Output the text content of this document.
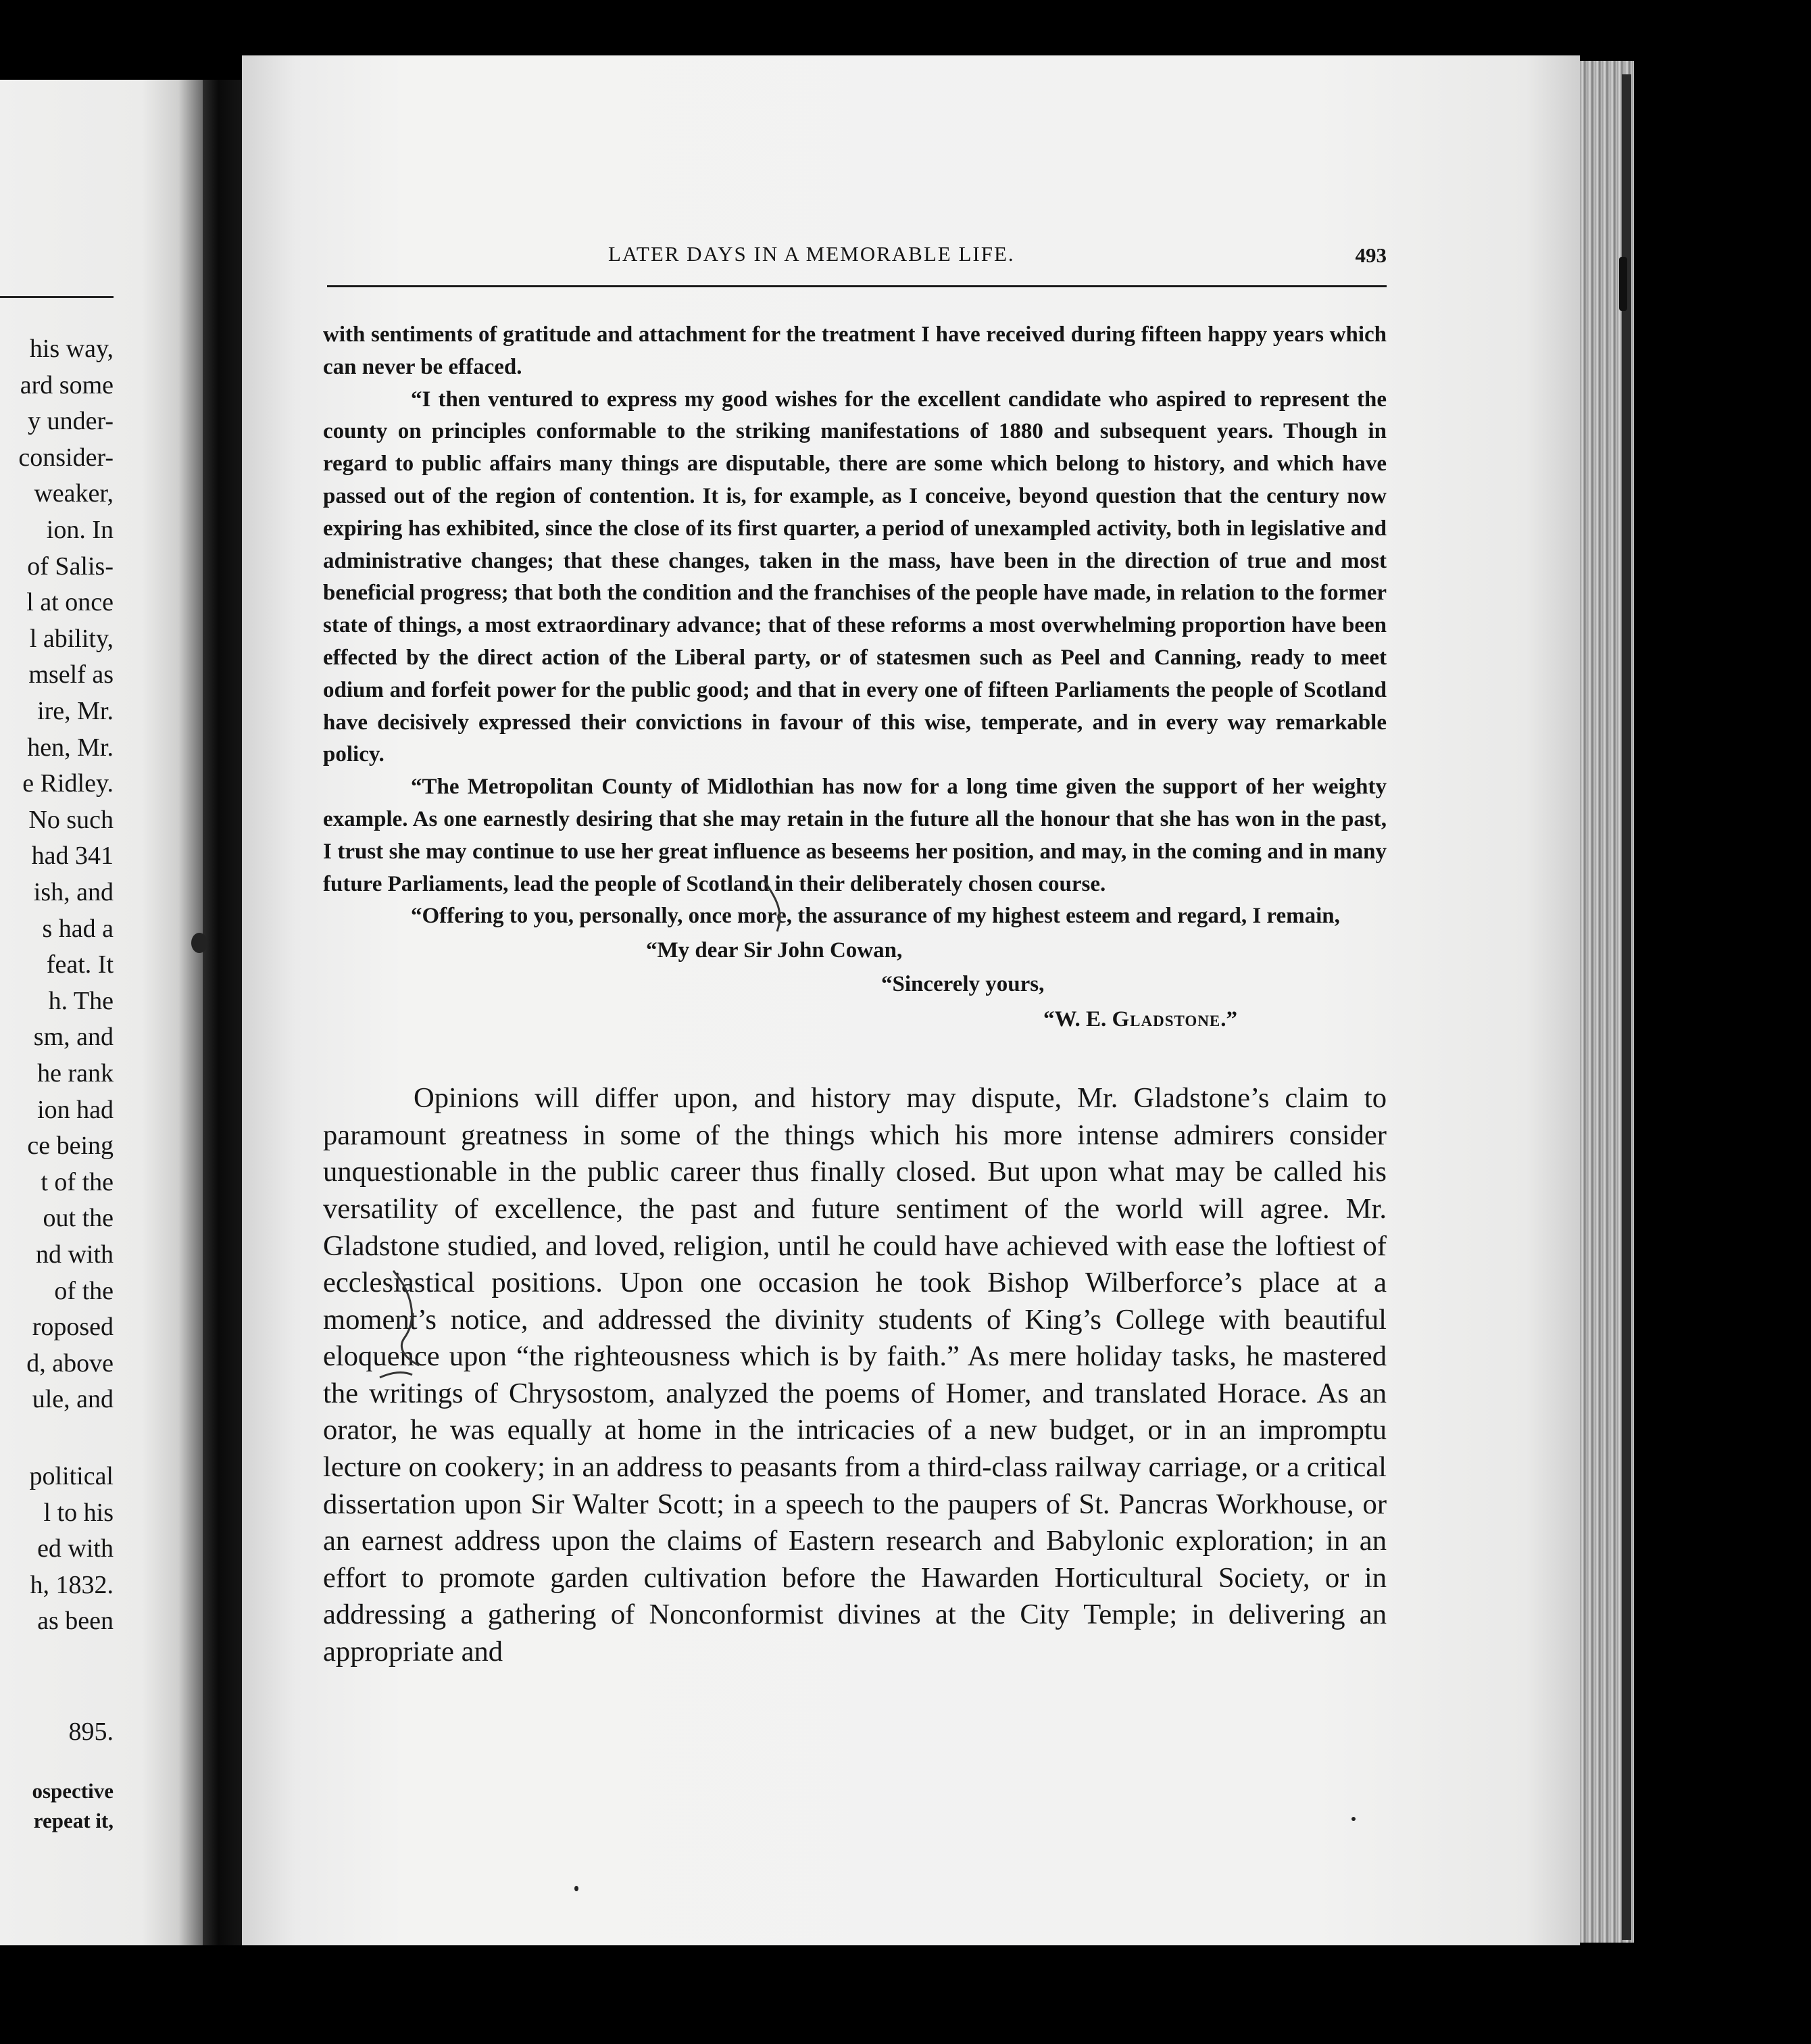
his way,
ard some
y under-
consider-
weaker,
ion. In
of Salis-
l at once
l ability,
mself as
ire, Mr.
hen, Mr.
e Ridley.
No such
had 341
ish, and
s had a
feat. It
h. The
sm, and
he rank
ion had
ce being
t of the
out the
nd with
of the
roposed
d, above
ule, and
political
l to his
ed with
h, 1832.
as been
895.
ospective
repeat it,
LATER DAYS IN A MEMORABLE LIFE.	493

with sentiments of gratitude and attachment for the treatment I have received during fifteen happy years which can never be effaced.

“I then ventured to express my good wishes for the excellent candidate who aspired to represent the county on principles conformable to the striking manifestations of 1880 and subsequent years. Though in regard to public affairs many things are disputable, there are some which belong to history, and which have passed out of the region of contention. It is, for example, as I conceive, beyond question that the century now expiring has exhibited, since the close of its first quarter, a period of unexampled activity, both in legislative and administrative changes; that these changes, taken in the mass, have been in the direction of true and most beneficial progress; that both the condition and the franchises of the people have made, in relation to the former state of things, a most extraordinary advance; that of these reforms a most overwhelming proportion have been effected by the direct action of the Liberal party, or of statesmen such as Peel and Canning, ready to meet odium and forfeit power for the public good; and that in every one of fifteen Parliaments the people of Scotland have decisively expressed their convictions in favour of this wise, temperate, and in every way remarkable policy.

“The Metropolitan County of Midlothian has now for a long time given the support of her weighty example. As one earnestly desiring that she may retain in the future all the honour that she has won in the past, I trust she may continue to use her great influence as beseems her position, and may, in the coming and in many future Parliaments, lead the people of Scotland in their deliberately chosen course.

“Offering to you, personally, once more, the assurance of my highest esteem and regard, I remain,

“My dear Sir John Cowan,
“Sincerely yours,
“W. E. Gladstone.”

Opinions will differ upon, and history may dispute, Mr. Gladstone’s claim to paramount greatness in some of the things which his more intense admirers consider unquestionable in the public career thus finally closed. But upon what may be called his versatility of excellence, the past and future sentiment of the world will agree. Mr. Gladstone studied, and loved, religion, until he could have achieved with ease the loftiest of ecclesiastical positions. Upon one occasion he took Bishop Wilberforce’s place at a moment’s notice, and addressed the divinity students of King’s College with beautiful eloquence upon “the righteousness which is by faith.” As mere holiday tasks, he mastered the writings of Chrysostom, analyzed the poems of Homer, and translated Horace. As an orator, he was equally at home in the intricacies of a new budget, or in an impromptu lecture on cookery; in an address to peasants from a third-class railway carriage, or a critical dissertation upon Sir Walter Scott; in a speech to the paupers of St. Pancras Workhouse, or an earnest address upon the claims of Eastern research and Babylonic exploration; in an effort to promote garden cultivation before the Hawarden Horticultural Society, or in addressing a gathering of Nonconformist divines at the City Temple; in delivering an appropriate and
